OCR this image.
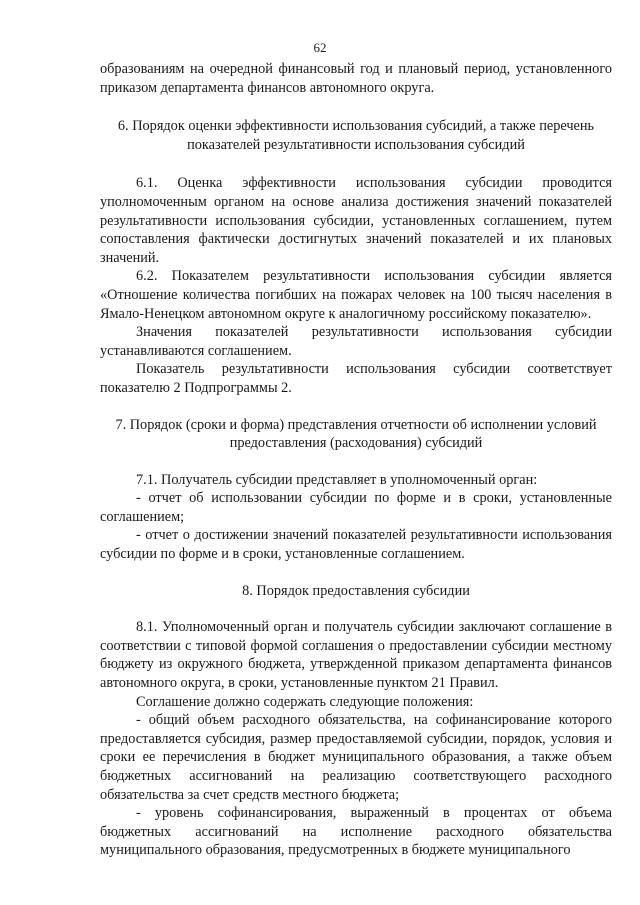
62

образованиям на очередной финансовый год и плановый период, установленного приказом департамента финансов автономного округа.

6. Порядок оценки эффективности использования субсидий, а также перечень показателей результативности использования субсидий

6.1. Оценка эффективности использования субсидии проводится уполномоченным органом на основе анализа достижения значений показателей результативности использования субсидии, установленных соглашением, путем сопоставления фактически достигнутых значений показателей и их плановых значений.

6.2. Показателем результативности использования субсидии является «Отношение количества погибших на пожарах человек на 100 тысяч населения в Ямало-Ненецком автономном округе к аналогичному российскому показателю».

Значения показателей результативности использования субсидии устанавливаются соглашением.

Показатель результативности использования субсидии соответствует показателю 2 Подпрограммы 2.

7. Порядок (сроки и форма) представления отчетности об исполнении условий предоставления (расходования) субсидий

7.1. Получатель субсидии представляет в уполномоченный орган:

- отчет об использовании субсидии по форме и в сроки, установленные соглашением;

- отчет о достижении значений показателей результативности использования субсидии по форме и в сроки, установленные соглашением.

8. Порядок предоставления субсидии

8.1. Уполномоченный орган и получатель субсидии заключают соглашение в соответствии с типовой формой соглашения о предоставлении субсидии местному бюджету из окружного бюджета, утвержденной приказом департамента финансов автономного округа, в сроки, установленные пунктом 21 Правил.

Соглашение должно содержать следующие положения:

- общий объем расходного обязательства, на софинансирование которого предоставляется субсидия, размер предоставляемой субсидии, порядок, условия и сроки ее перечисления в бюджет муниципального образования, а также объем бюджетных ассигнований на реализацию соответствующего расходного обязательства за счет средств местного бюджета;

- уровень софинансирования, выраженный в процентах от объема бюджетных ассигнований на исполнение расходного обязательства муниципального образования, предусмотренных в бюджете муниципального
